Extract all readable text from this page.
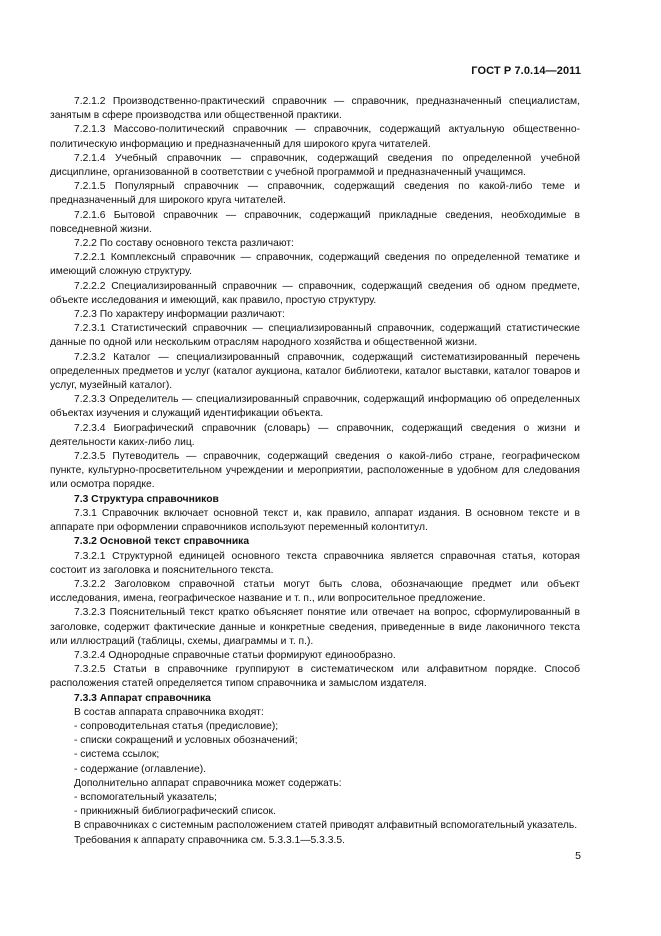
ГОСТ Р 7.0.14—2011

7.2.1.2 Производственно-практический справочник — справочник, предназначенный специалистам, занятым в сфере производства или общественной практики.

7.2.1.3 Массово-политический справочник — справочник, содержащий актуальную общественно-политическую информацию и предназначенный для широкого круга читателей.

7.2.1.4 Учебный справочник — справочник, содержащий сведения по определенной учебной дисциплине, организованной в соответствии с учебной программой и предназначенный учащимся.

7.2.1.5 Популярный справочник — справочник, содержащий сведения по какой-либо теме и предназначенный для широкого круга читателей.

7.2.1.6 Бытовой справочник — справочник, содержащий прикладные сведения, необходимые в повседневной жизни.

7.2.2 По составу основного текста различают:

7.2.2.1 Комплексный справочник — справочник, содержащий сведения по определенной тематике и имеющий сложную структуру.

7.2.2.2 Специализированный справочник — справочник, содержащий сведения об одном предмете, объекте исследования и имеющий, как правило, простую структуру.

7.2.3 По характеру информации различают:

7.2.3.1 Статистический справочник — специализированный справочник, содержащий статистические данные по одной или нескольким отраслям народного хозяйства и общественной жизни.

7.2.3.2 Каталог — специализированный справочник, содержащий систематизированный перечень определенных предметов и услуг (каталог аукциона, каталог библиотеки, каталог выставки, каталог товаров и услуг, музейный каталог).

7.2.3.3 Определитель — специализированный справочник, содержащий информацию об определенных объектах изучения и служащий идентификации объекта.

7.2.3.4 Биографический справочник (словарь) — справочник, содержащий сведения о жизни и деятельности каких-либо лиц.

7.2.3.5 Путеводитель — справочник, содержащий сведения о какой-либо стране, географическом пункте, культурно-просветительном учреждении и мероприятии, расположенные в удобном для следования или осмотра порядке.

7.3 Структура справочников

7.3.1 Справочник включает основной текст и, как правило, аппарат издания. В основном тексте и в аппарате при оформлении справочников используют переменный колонтитул.

7.3.2 Основной текст справочника

7.3.2.1 Структурной единицей основного текста справочника является справочная статья, которая состоит из заголовка и пояснительного текста.

7.3.2.2 Заголовком справочной статьи могут быть слова, обозначающие предмет или объект исследования, имена, географическое название и т. п., или вопросительное предложение.

7.3.2.3 Пояснительный текст кратко объясняет понятие или отвечает на вопрос, сформулированный в заголовке, содержит фактические данные и конкретные сведения, приведенные в виде лаконичного текста или иллюстраций (таблицы, схемы, диаграммы и т. п.).

7.3.2.4 Однородные справочные статьи формируют единообразно.

7.3.2.5 Статьи в справочнике группируют в систематическом или алфавитном порядке. Способ расположения статей определяется типом справочника и замыслом издателя.

7.3.3 Аппарат справочника

В состав аппарата справочника входят:

- сопроводительная статья (предисловие);

- списки сокращений и условных обозначений;

- система ссылок;

- содержание (оглавление).

Дополнительно аппарат справочника может содержать:

- вспомогательный указатель;

- прикнижный библиографический список.

В справочниках с системным расположением статей приводят алфавитный вспомогательный указатель.

Требования к аппарату справочника см. 5.3.3.1—5.3.3.5.

5
